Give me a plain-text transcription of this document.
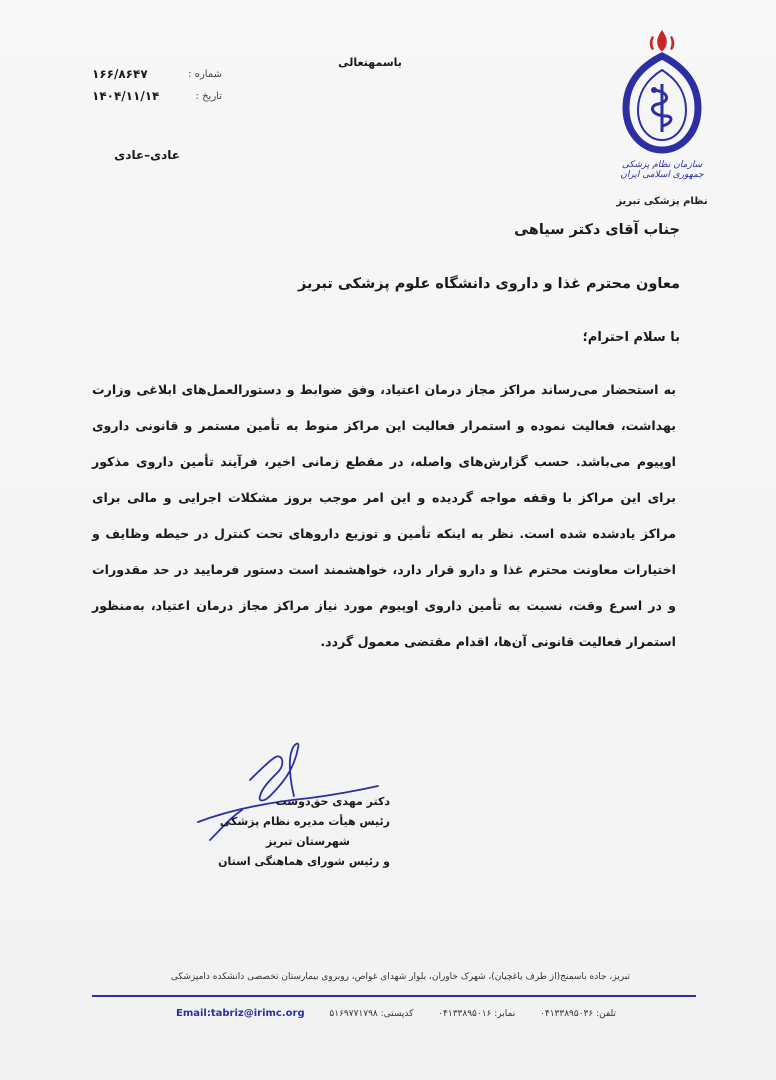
سازمان نظام پزشکی جمهوری اسلامی ایران
نظام پزشکی تبریز
باسمهتعالی
شماره :
۱۶۶/۸۶۴۷
تاریخ :
۱۴۰۴/۱۱/۱۴
عادی–عادی
جناب آقای دکتر سیاهی
معاون محترم غذا و داروی دانشگاه علوم پزشکی تبریز
با سلام احترام؛
به استحضار می‌رساند مراکز مجاز درمان اعتیاد، وفق ضوابط و دستورالعمل‌های ابلاغی وزارت بهداشت، فعالیت نموده و استمرار فعالیت این مراکز منوط به تأمین مستمر و قانونی داروی اوپیوم می‌باشد. حسب گزارش‌های واصله، در مقطع زمانی اخیر، فرآیند تأمین داروی مذکور برای این مراکز با وقفه مواجه گردیده و این امر موجب بروز مشکلات اجرایی و مالی برای مراکز یادشده شده است. نظر به اینکه تأمین و توزیع داروهای تحت کنترل در حیطه وظایف و اختیارات معاونت محترم غذا و دارو قرار دارد، خواهشمند است دستور فرمایید در حد مقدورات و در اسرع وقت، نسبت به تأمین داروی اوپیوم مورد نیاز مراکز مجاز درمان اعتیاد، به‌منظور استمرار فعالیت قانونی آن‌ها، اقدام مقتضی معمول گردد.
دکتر مهدی حق‌دوست
رئیس هیأت مدیره نظام پزشکی
شهرستان تبریز
و رئیس شورای هماهنگی استان
تبریز، جاده باسمنج(از طرف یاغچیان)، شهرک خاوران، بلوار شهدای غواص، روبروی بیمارستان تخصصی دانشکده دامپزشکی
Email:tabriz@irimc.org	کدپستی: ۵۱۶۹۷۷۱۷۹۸	نمابر: ۰۴۱۳۳۸۹۵۰۱۶	تلفن: ۰۴۱۳۳۸۹۵۰۳۶
